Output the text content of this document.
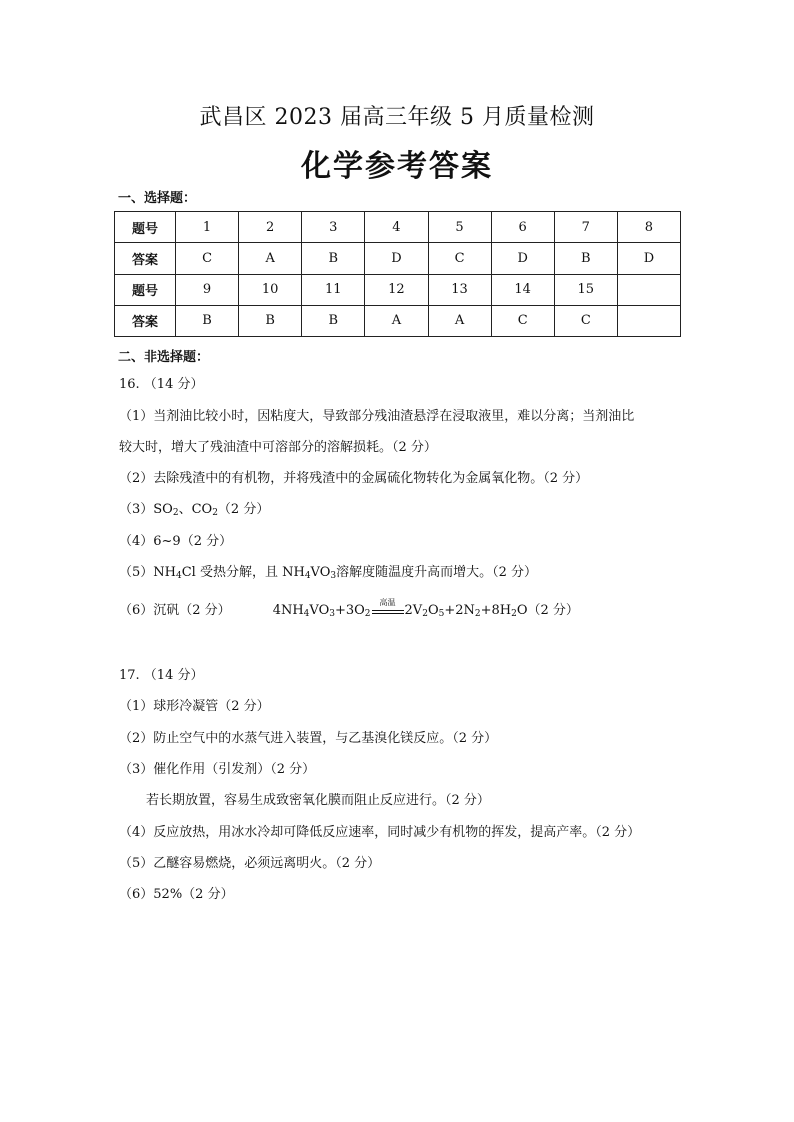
武昌区 2023 届高三年级 5 月质量检测
化学参考答案
一、选择题：
题号	1	2	3	4	5	6	7	8
答案	C	A	B	D	C	D	B	D
题号	9	10	11	12	13	14	15	
答案	B	B	B	A	A	C	C	
二、非选择题：
16. （14 分）
（1）当剂油比较小时，因粘度大，导致部分残油渣悬浮在浸取液里，难以分离；当剂油比
较大时，增大了残油渣中可溶部分的溶解损耗。（2 分）
（2）去除残渣中的有机物，并将残渣中的金属硫化物转化为金属氧化物。（2 分）
$(3)SO_2$、$CO_2(2$ 分）
（4）6~9（2 分）
$(5)NH_4Cl$ 受热分解，且 $NH_4VO_3$溶解度随温度升高而增大。（2 分）
（6）沉矾（2 分）	$4NH_4VO_3+3O_2$
高温
$2V_2O_5+2N_2+8H_2O(2$ 分）
17. （14 分）
（1）球形冷凝管（2 分）
（2）防止空气中的水蒸气进入装置，与乙基溴化镁反应。（2 分）
（3）催化作用（引发剂）（2 分）
若长期放置，容易生成致密氧化膜而阻止反应进行。（2 分）
（4）反应放热，用冰水冷却可降低反应速率，同时减少有机物的挥发，提高产率。（2 分）
（5）乙醚容易燃烧，必须远离明火。（2 分）
（6）52%（2 分）
